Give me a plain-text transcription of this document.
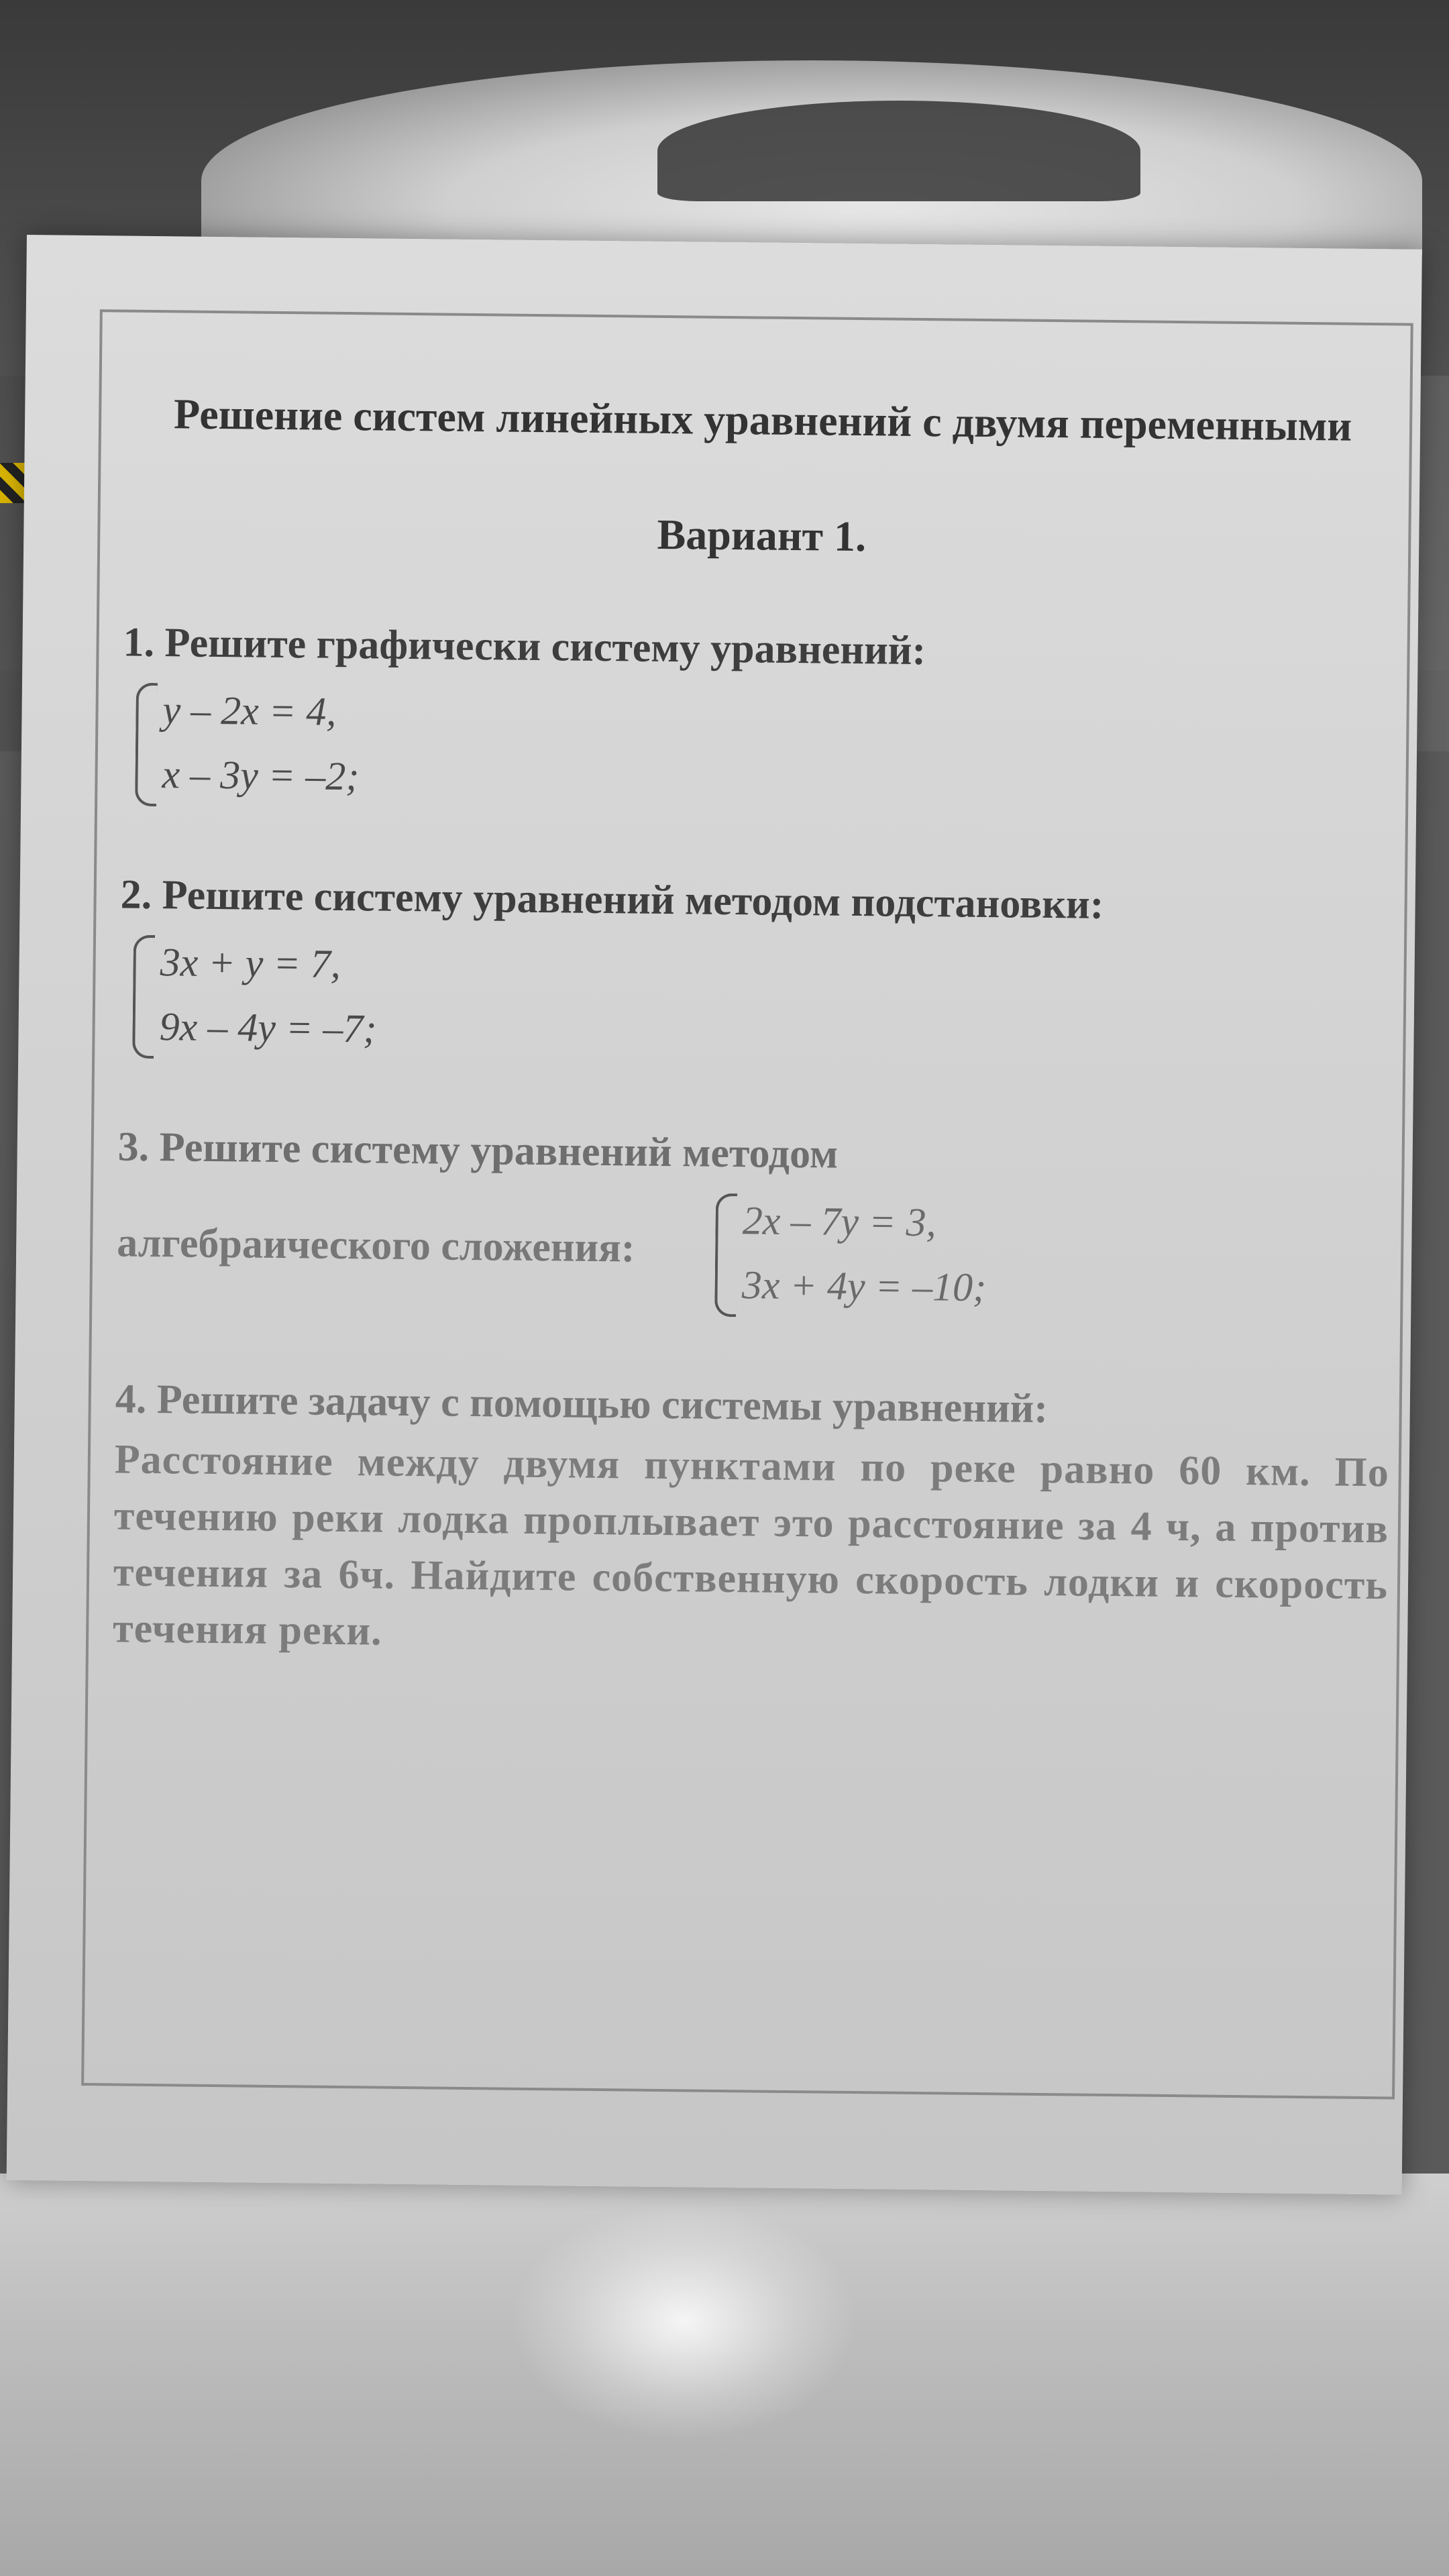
Решение систем линейных уравнений с двумя переменными
Вариант 1.
1. Решите графически систему уравнений:
y – 2x = 4,
x – 3y = –2;
2. Решите систему уравнений методом подстановки:
3x + y = 7,
9x – 4y = –7;
3. Решите систему уравнений методом
алгебраического сложения:	2x – 7y = 3,
3x + 4y = –10;
4. Решите задачу с помощью системы уравнений:
Расстояние между двумя пунктами по реке равно 60 км. По течению реки лодка проплывает это расстояние за 4 ч, а против течения за 6ч. Найдите собственную скорость лодки и скорость течения реки.
